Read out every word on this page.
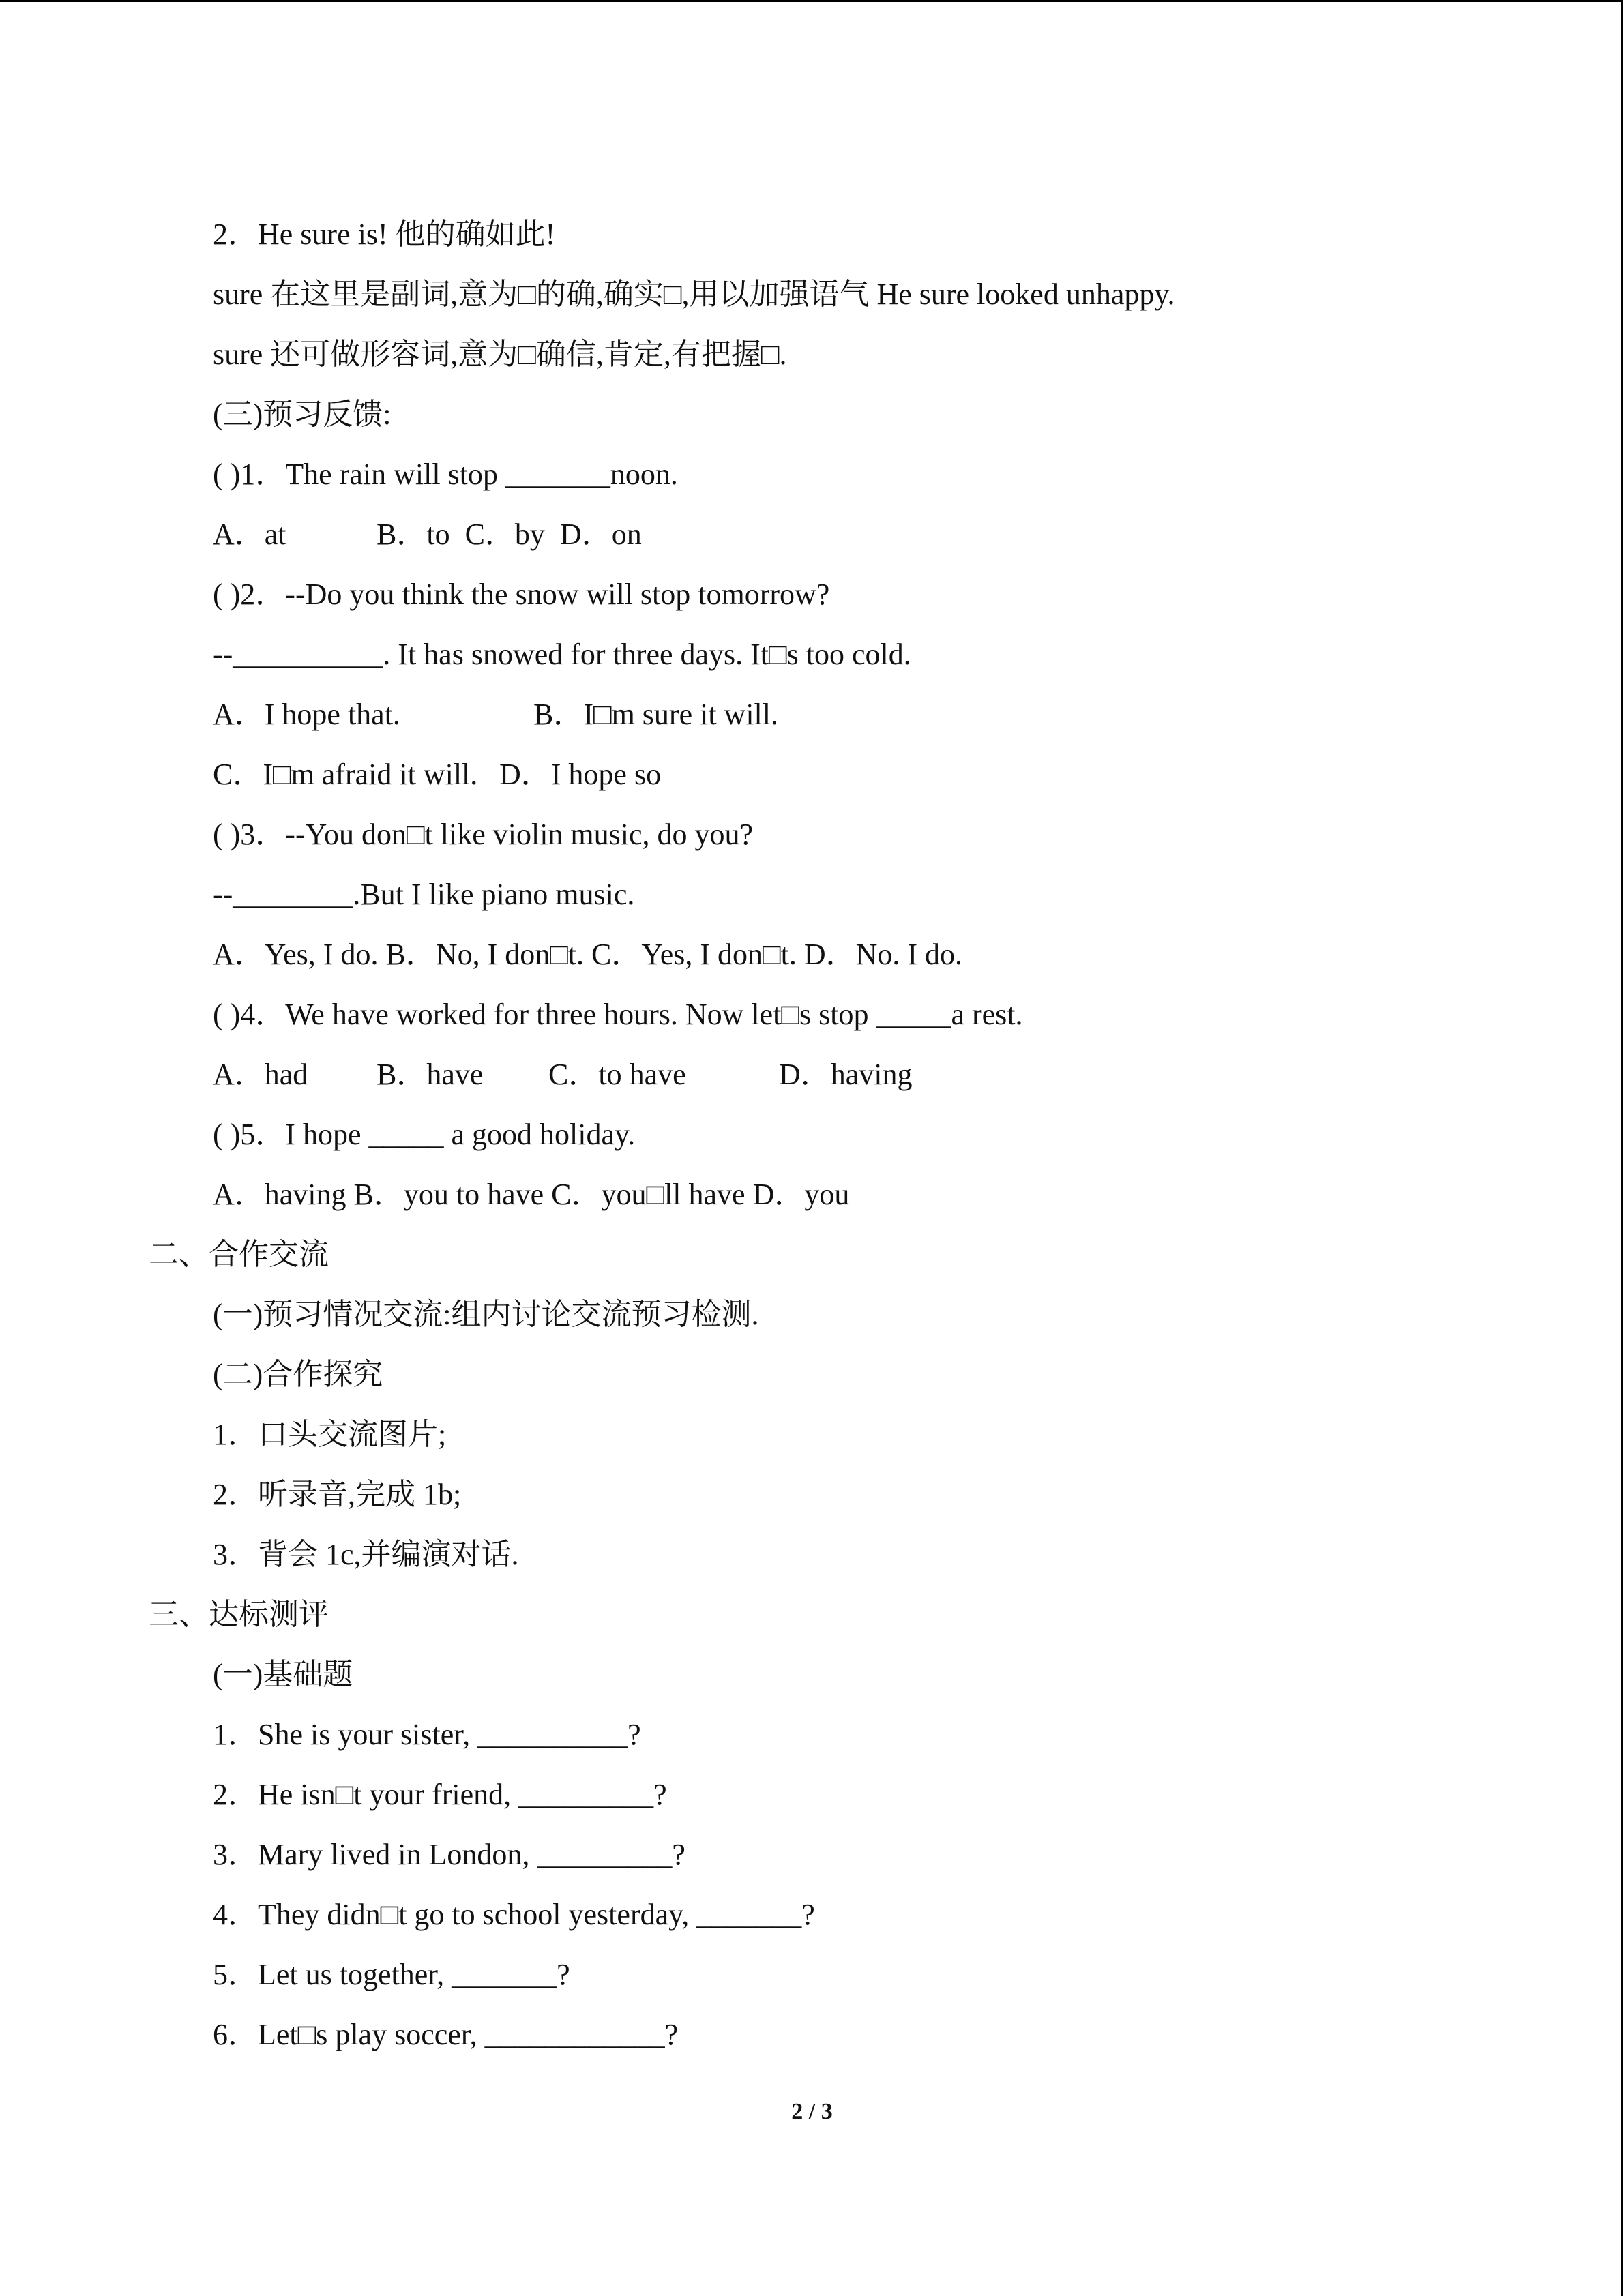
2．He sure is! 他的确如此!
sure 在这里是副词,意为□的确,确实□,用以加强语气 He sure looked unhappy.
sure 还可做形容词,意为□确信,肯定,有把握□.
(三)预习反馈:
( )1．The rain will stop _______noon.
A．at	B．to C．by D．on
( )2．--Do you think the snow will stop tomorrow?
--__________. It has snowed for three days. It□s too cold.
A．I hope that.	B．I□m sure it will.
C．I□m afraid it will. D．I hope so
( )3．--You don□t like violin music, do you?
--________.But I like piano music.
A．Yes, I do. B．No, I don□t. C．Yes, I don□t. D．No. I do.
( )4．We have worked for three hours. Now let□s stop _____a rest.
A．had B．have C．to have	D．having
( )5．I hope _____ a good holiday.
A．having B．you to have C．you□ll have D．you
二、合作交流
(一)预习情况交流:组内讨论交流预习检测.
(二)合作探究
1．口头交流图片;
2．听录音,完成 1b;
3．背会 1c,并编演对话.
三、达标测评
(一)基础题
1．She is your sister, __________?
2．He isn□t your friend, _________?
3．Mary lived in London, _________?
4．They didn□t go to school yesterday, _______?
5．Let us together, _______?
6．Let□s play soccer, ____________?
2 / 3
